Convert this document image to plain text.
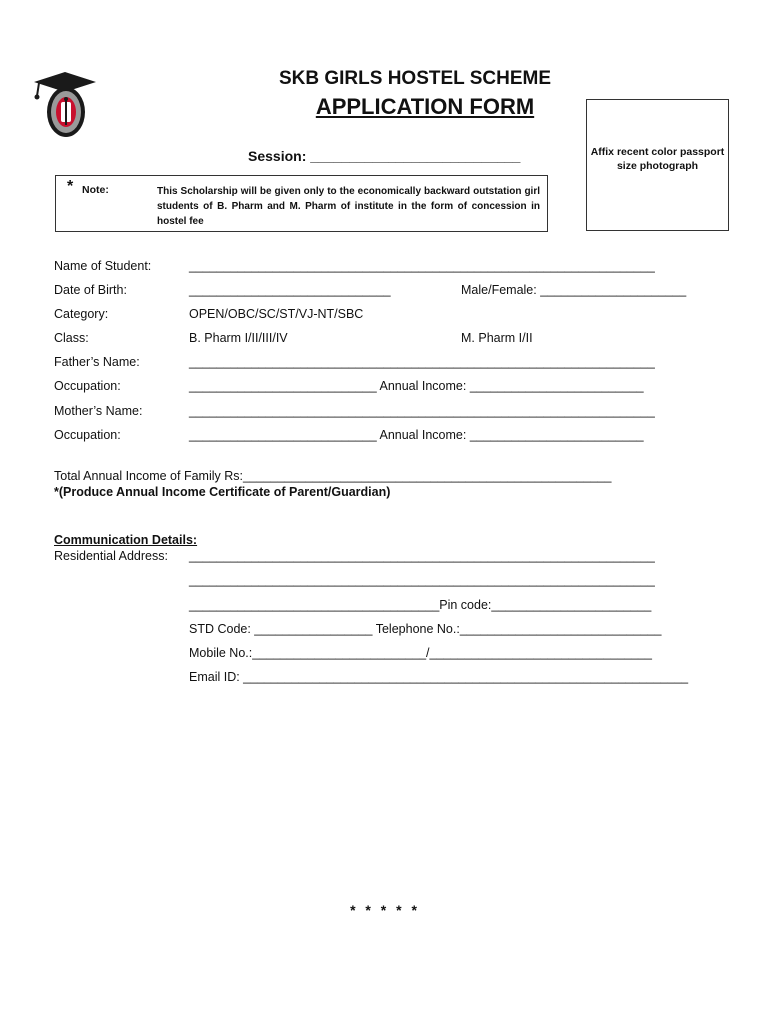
SKB GIRLS HOSTEL SCHEME
APPLICATION FORM
Session: ___________________________	Affix recent color passport size photograph
* Note:	This Scholarship will be given only to the economically backward outstation girl students of B. Pharm and M. Pharm of institute in the form of concession in hostel fee
Name of Student:	___________________________________________________________________
Date of Birth:	_____________________________	Male/Female: _____________________
Category:	OPEN/OBC/SC/ST/VJ-NT/SBC
Class:	B. Pharm I/II/III/IV	M. Pharm I/II
Father’s Name:	___________________________________________________________________
Occupation:	___________________________ Annual Income: _________________________
Mother’s Name:	___________________________________________________________________
Occupation:	___________________________ Annual Income: _________________________
Total Annual Income of Family Rs:_____________________________________________________
*(Produce Annual Income Certificate of Parent/Guardian)
Communication Details:
Residential Address: ___________________________________________________________________
___________________________________________________________________
____________________________________Pin code:_______________________
STD Code: _________________ Telephone No.:_____________________________
Mobile No.:_________________________/________________________________
Email ID: ________________________________________________________________
* * * * *
